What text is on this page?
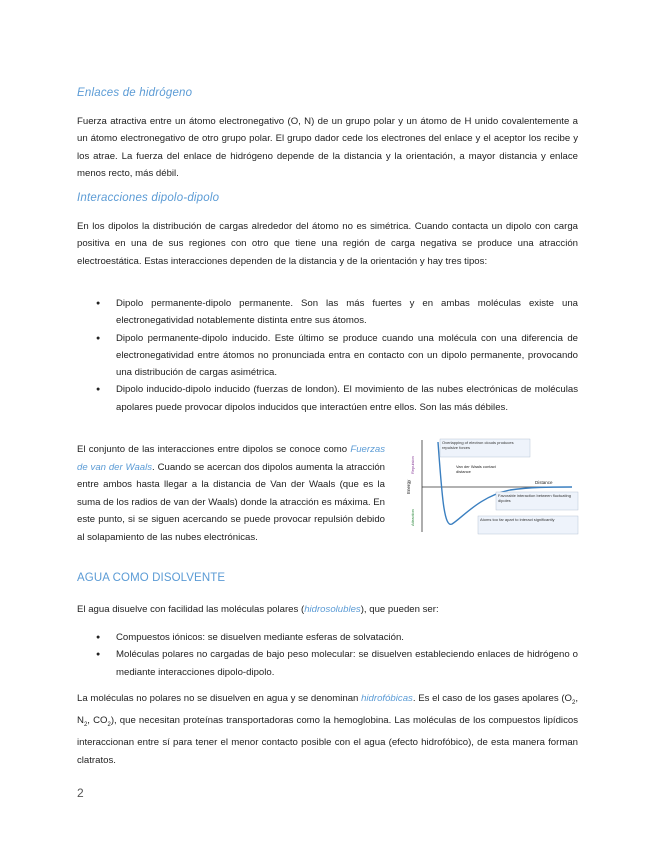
Enlaces de hidrógeno

Fuerza atractiva entre un átomo electronegativo (O, N) de un grupo polar y un átomo de H unido covalentemente a un átomo electronegativo de otro grupo polar. El grupo dador cede los electrones del enlace y el aceptor los recibe y los atrae. La fuerza del enlace de hidrógeno depende de la distancia y la orientación, a mayor distancia y enlace menos recto, más débil.

Interacciones dipolo-dipolo

En los dipolos la distribución de cargas alrededor del átomo no es simétrica. Cuando contacta un dipolo con carga positiva en una de sus regiones con otro que tiene una región de carga negativa se produce una atracción electroestática. Estas interacciones dependen de la distancia y de la orientación y hay tres tipos:

● Dipolo permanente-dipolo permanente. Son las más fuertes y en ambas moléculas existe una electronegatividad notablemente distinta entre sus átomos.
● Dipolo permanente-dipolo inducido. Este último se produce cuando una molécula con una diferencia de electronegatividad entre átomos no pronunciada entra en contacto con un dipolo permanente, provocando una distribución de cargas asimétrica.
● Dipolo inducido-dipolo inducido (fuerzas de london). El movimiento de las nubes electrónicas de moléculas apolares puede provocar dipolos inducidos que interactúen entre ellos. Son las más débiles.

El conjunto de las interacciones entre dipolos se conoce como Fuerzas de van der Waals. Cuando se acercan dos dipolos aumenta la atracción entre ambos hasta llegar a la distancia de Van der Waals (que es la suma de los radios de van der Waals) donde la atracción es máxima. En este punto, si se siguen acercando se puede provocar repulsión debido al solapamiento de las nubes electrónicas.

Energy
Repulsion
Attraction
Distance
Van der Waals contact distance
Overlapping of electron clouds produces repulsive forces
Favorable interaction between fluctuating dipoles
Atoms too far apart to interact significantly
AGUA COMO DISOLVENTE

El agua disuelve con facilidad las moléculas polares (hidrosolubles), que pueden ser:

● Compuestos iónicos: se disuelven mediante esferas de solvatación.
● Moléculas polares no cargadas de bajo peso molecular: se disuelven estableciendo enlaces de hidrógeno o mediante interacciones dipolo-dipolo.

La moléculas no polares no se disuelven en agua y se denominan hidrofóbicas. Es el caso de los gases apolares ($O_2$, $N_2$, $CO_2$), que necesitan proteínas transportadoras como la hemoglobina. Las moléculas de los compuestos lipídicos interaccionan entre sí para tener el menor contacto posible con el agua (efecto hidrofóbico), de esta manera forman clatratos.

2
